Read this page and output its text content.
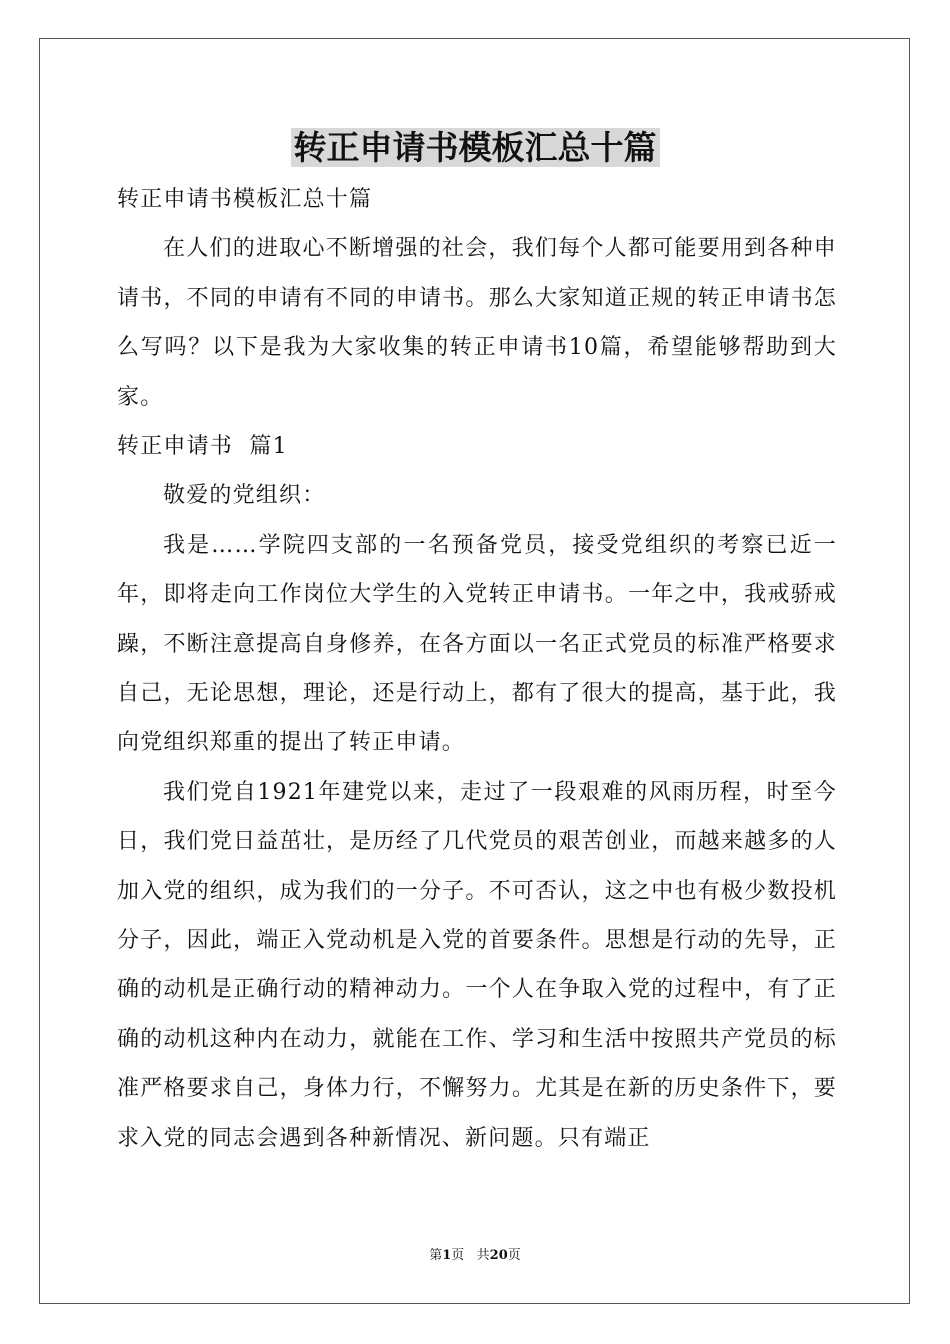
转正申请书模板汇总十篇
转正申请书模板汇总十篇
在人们的进取心不断增强的社会，我们每个人都可能要用到各种申请书，不同的申请有不同的申请书。那么大家知道正规的转正申请书怎么写吗？以下是我为大家收集的转正申请书10篇，希望能够帮助到大家。
转正申请书  篇1
敬爱的党组织：
我是……学院四支部的一名预备党员，接受党组织的考察已近一年，即将走向工作岗位大学生的入党转正申请书。一年之中，我戒骄戒躁，不断注意提高自身修养，在各方面以一名正式党员的标准严格要求自己，无论思想，理论，还是行动上，都有了很大的提高，基于此，我向党组织郑重的提出了转正申请。
我们党自1921年建党以来，走过了一段艰难的风雨历程，时至今日，我们党日益茁壮，是历经了几代党员的艰苦创业，而越来越多的人加入党的组织，成为我们的一分子。不可否认，这之中也有极少数投机分子，因此，端正入党动机是入党的首要条件。思想是行动的先导，正确的动机是正确行动的精神动力。一个人在争取入党的过程中，有了正确的动机这种内在动力，就能在工作、学习和生活中按照共产党员的标准严格要求自己，身体力行，不懈努力。尤其是在新的历史条件下，要求入党的同志会遇到各种新情况、新问题。只有端正
第1页   共20页
